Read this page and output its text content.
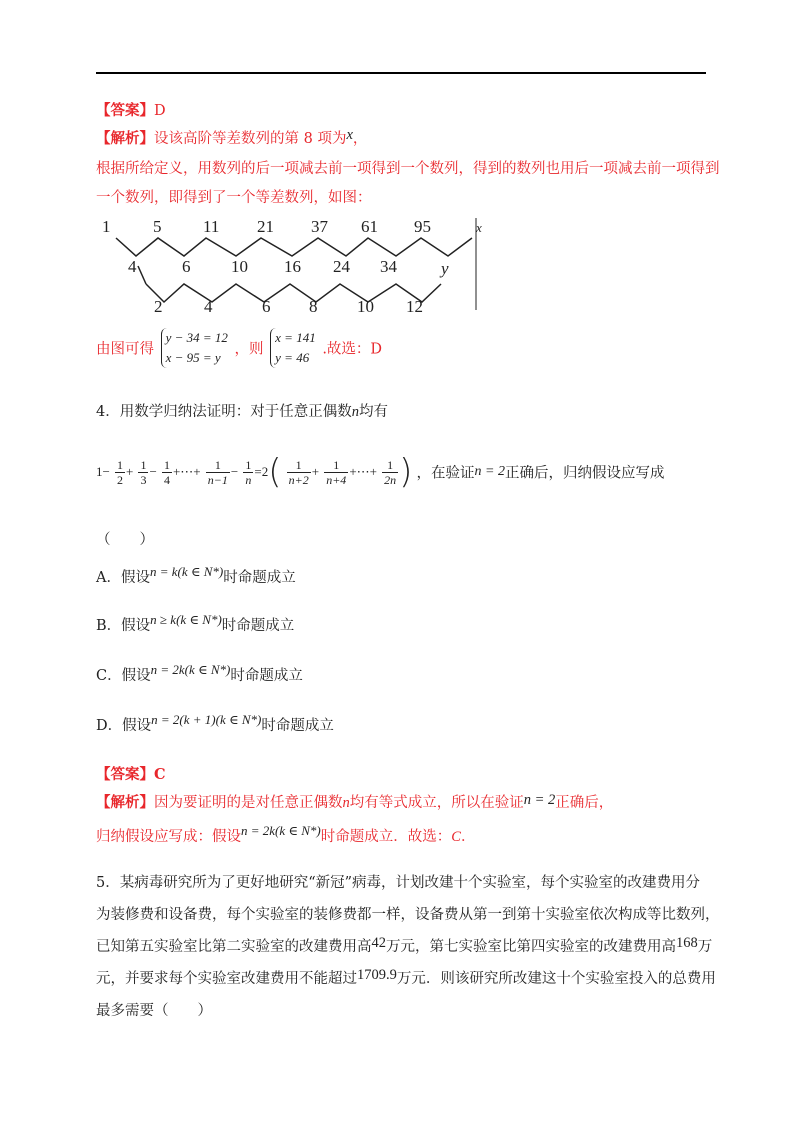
【答案】D
【解析】设该高阶等差数列的第 8 项为x，
根据所给定义，用数列的后一项减去前一项得到一个数列，得到的数列也用后一项减去前一项得到
一个数列，即得到了一个等差数列，如图：
1	5 11 21 37 61 95	x
4	6 10 16 24 34	y
2 4	6 8 10 12
由图可得
y − 34 = 12
x − 95 = y ，则
x = 141
y = 46 .故选：D
4．用数学归纳法证明：对于任意正偶数n均有
$1- \frac{1}{2} + \frac{1}{3} - \frac{1}{4}$ +⋯+ $\frac{1}{n-1} - \frac{1}{n} =2( \frac{1}{n+2} + \frac{1}{n+4}$ +⋯+ $\frac{1}{2n}$ ) ，在验证n = 2正确后，归纳假设应写成
（　　）
A．假设n = k(k ∈ N*)时命题成立
B．假设n ≥ k(k ∈ N*)时命题成立
C．假设n = 2k(k ∈ N*)时命题成立
D．假设n = 2(k + 1)(k ∈ N*)时命题成立
【答案】C
【解析】因为要证明的是对任意正偶数n均有等式成立，所以在验证n = 2正确后，
归纳假设应写成：假设n = 2k(k ∈ N*)时命题成立．故选：C．
5．某病毒研究所为了更好地研究“新冠”病毒，计划改建十个实验室，每个实验室的改建费用分
为装修费和设备费，每个实验室的装修费都一样，设备费从第一到第十实验室依次构成等比数列，
已知第五实验室比第二实验室的改建费用高42万元，第七实验室比第四实验室的改建费用高168万
元，并要求每个实验室改建费用不能超过1709.9万元．则该研究所改建这十个实验室投入的总费用
最多需要（　　）
